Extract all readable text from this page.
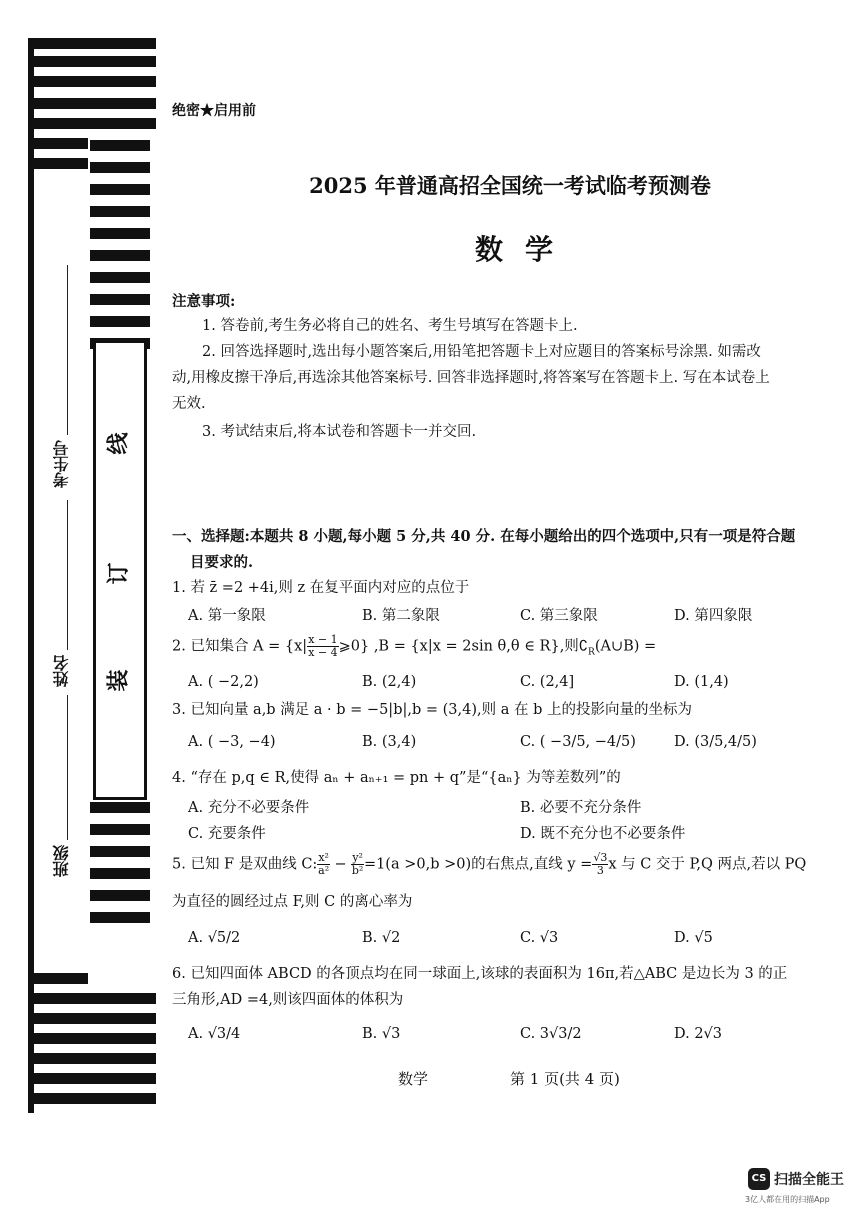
考生号
姓名
班级
线
订
装
绝密★启用前
2025 年普通高招全国统一考试临考预测卷
数学
注意事项:
1. 答卷前,考生务必将自己的姓名、考生号填写在答题卡上.
2. 回答选择题时,选出每小题答案后,用铅笔把答题卡上对应题目的答案标号涂黑. 如需改
动,用橡皮擦干净后,再选涂其他答案标号. 回答非选择题时,将答案写在答题卡上. 写在本试卷上
无效.
3. 考试结束后,将本试卷和答题卡一并交回.
一、选择题:本题共 8 小题,每小题 5 分,共 40 分. 在每小题给出的四个选项中,只有一项是符合题
目要求的.
1. 若 z̄ =2 +4i,则 z 在复平面内对应的点位于
A. 第一象限	B. 第二象限	C. 第三象限	D. 第四象限
2. 已知集合 $A = \{x| \frac{x - 1}{x - 4}$ ⩾0} ,B = {x|x = 2sin θ,θ ∈ R},则$∁_R(A\cup B)$ =
A. ( −2,2)	B. (2,4)	C. (2,4]	D. (1,4)
3. 已知向量 a,b 满足 a · b = −5|b|,b = (3,4),则 a 在 b 上的投影向量的坐标为
A. ( −3, −4)	B. (3,4)	C. ( −3/5, −4/5)	D. (3/5,4/5)
4. “存在 p,q ∈ R,使得 aₙ + aₙ₊₁ = pn + q”是“{aₙ} 为等差数列”的
A. 充分不必要条件	B. 必要不充分条件
C. 充要条件	D. 既不充分也不必要条件
5. 已知 F 是双曲线 C: $\frac{\text{x²}}{\text{a²}} - \frac{\text{y²}}{\text{b²}} =1(a >0,b >0)$的右焦点,直线 $y = \frac{√3}{3}$ x 与 C 交于 P,Q 两点,若以 PQ
为直径的圆经过点 F,则 C 的离心率为
A. √5/2	B. √2	C. √3	D. √5
6. 已知四面体 ABCD 的各顶点均在同一球面上,该球的表面积为 16π,若△ABC 是边长为 3 的正
三角形,AD =4,则该四面体的体积为
A. √3/4	B. √3	C. 3√3/2	D. 2√3
数学	第 1 页(共 4 页)
CS 扫描全能王
3亿人都在用的扫描App
